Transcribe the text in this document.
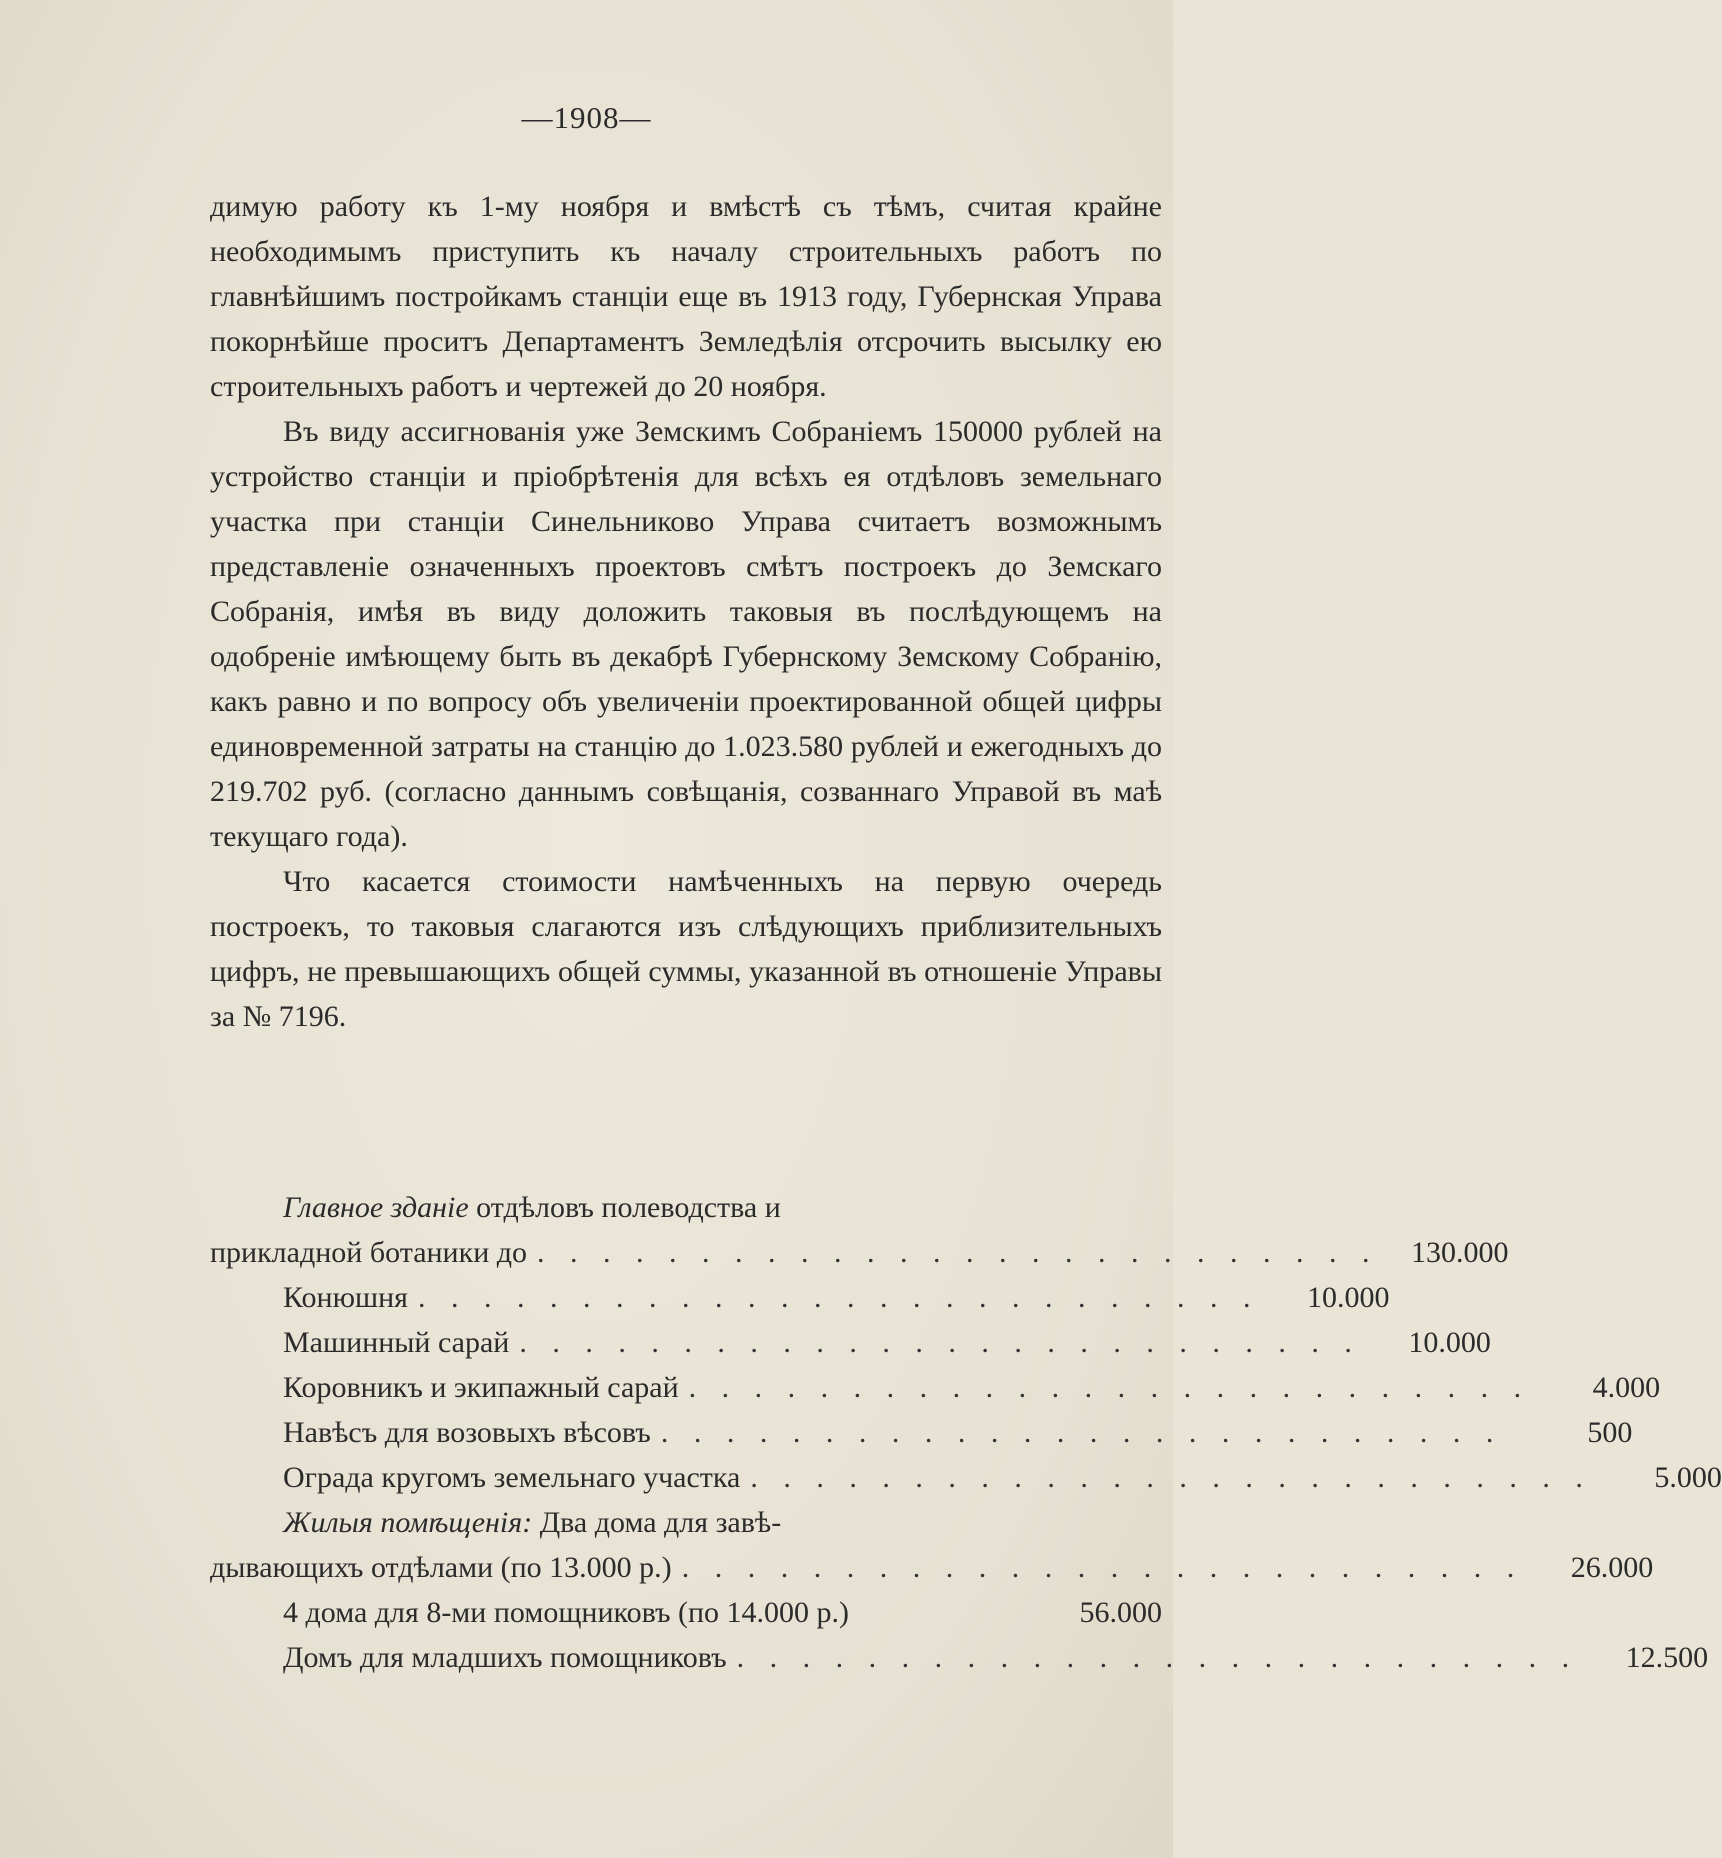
—1908—

димую работу къ 1-му ноября и вмѣстѣ съ тѣмъ, считая крайне необходимымъ приступить къ началу строительныхъ работъ по главнѣйшимъ постройкамъ станціи еще въ 1913 году, Губернская Управа покорнѣйше проситъ Департаментъ Земледѣлія отсрочить высылку ею строительныхъ работъ и чертежей до 20 ноября.

Въ виду ассигнованія уже Земскимъ Собраніемъ 150000 рублей на устройство станціи и пріобрѣтенія для всѣхъ ея отдѣловъ земельнаго участка при станціи Синельниково Управа считаетъ возможнымъ представленіе означенныхъ проектовъ смѣтъ построекъ до Земскаго Собранія, имѣя въ виду доложить таковыя въ послѣдующемъ на одобреніе имѣющему быть въ декабрѣ Губернскому Земскому Собранію, какъ равно и по вопросу объ увеличеніи проектированной общей цифры единовременной затраты на станцію до 1.023.580 рублей и ежегодныхъ до 219.702 руб. (согласно даннымъ совѣщанія, созваннаго Управой въ маѣ текущаго года).

Что касается стоимости намѣченныхъ на первую очередь построекъ, то таковыя слагаются изъ слѣдующихъ приблизительныхъ цифръ, не превышающихъ общей суммы, указанной въ отношеніе Управы за № 7196.

Главное зданіе отдѣловъ полеводства и

прикладной ботаники до . . . . . . . . . . . . . . . . . . . . . . . . . .	130.000
Конюшня . . . . . . . . . . . . . . . . . . . . . . . . . .	10.000
Машинный сарай . . . . . . . . . . . . . . . . . . . . . . . . . .	10.000
Коровникъ и экипажный сарай . . . . . . . . . . . . . . . . . . . . . . . . . .	4.000
Навѣсъ для возовыхъ вѣсовъ . . . . . . . . . . . . . . . . . . . . . . . . . .	500
Ограда кругомъ земельнаго участка . . . . . . . . . . . . . . . . . . . . . . . . . .	5.000

Жилыя помѣщенія: Два дома для завѣ-

дывающихъ отдѣлами (по 13.000 р.) . . . . . . . . . . . . . . . . . . . . . . . . . .	26.000
4 дома для 8-ми помощниковъ (по 14.000 р.)	56.000
Домъ для младшихъ помощниковъ . . . . . . . . . . . . . . . . . . . . . . . . . .	12.500
